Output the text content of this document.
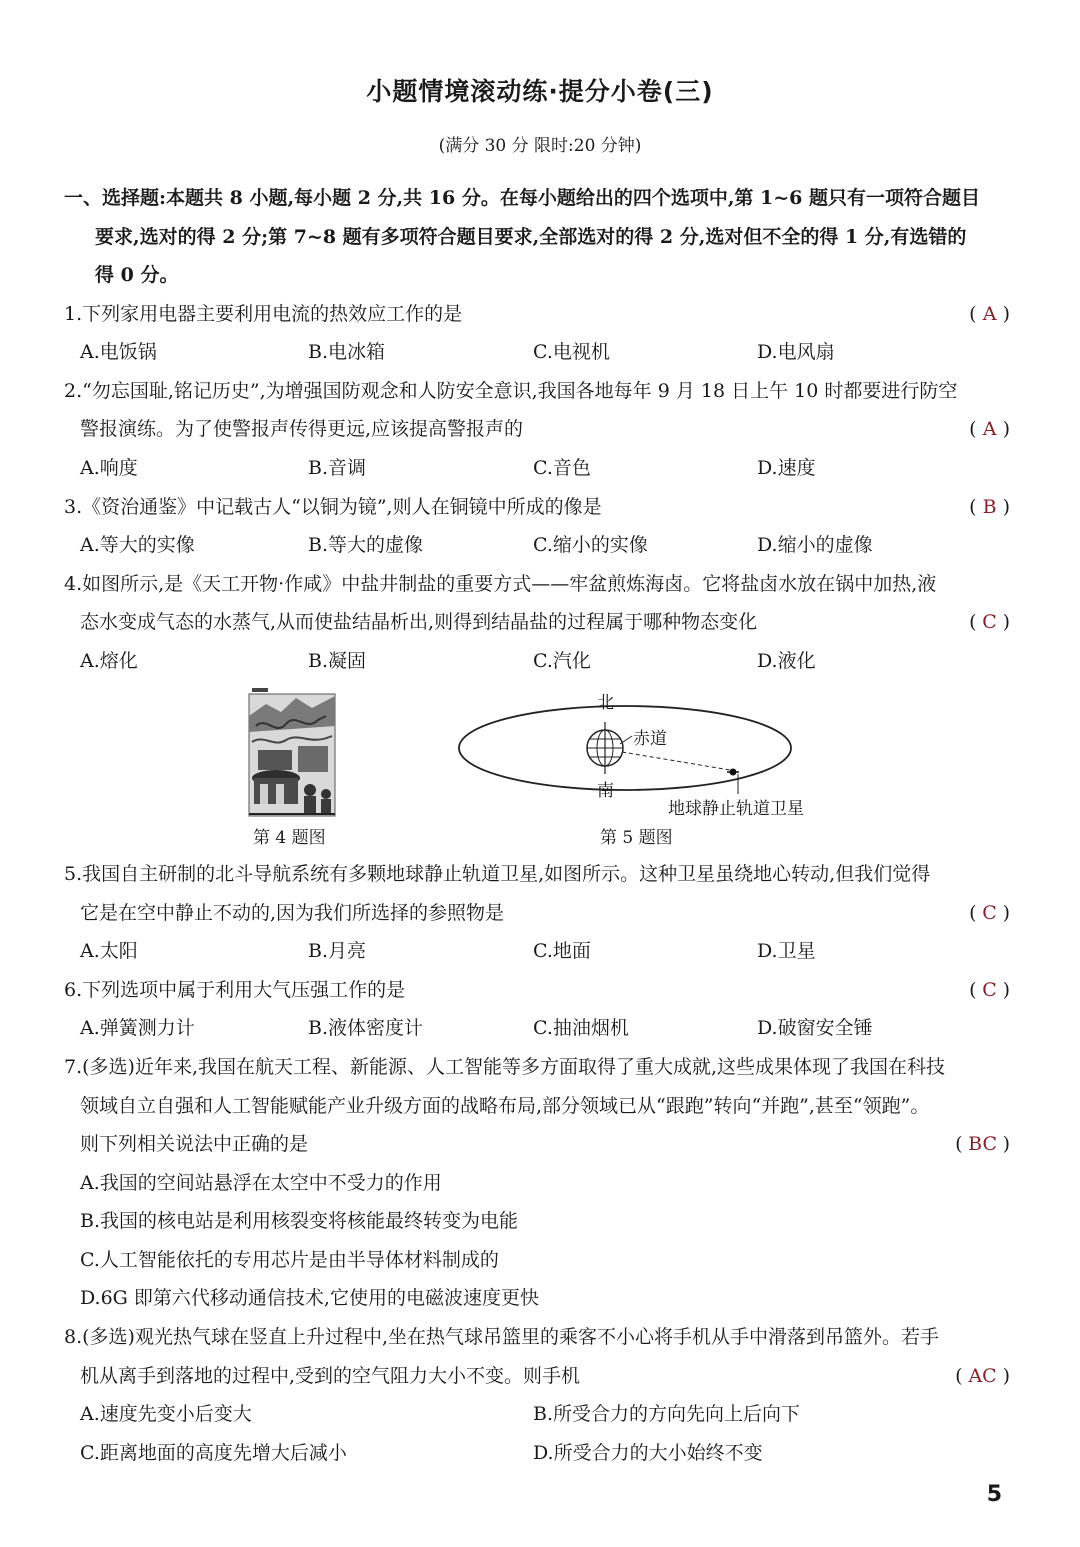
小题情境滚动练·提分小卷(三)
(满分 30 分 限时:20 分钟)
一、选择题:本题共 8 小题,每小题 2 分,共 16 分。在每小题给出的四个选项中,第 1~6 题只有一项符合题目
要求,选对的得 2 分;第 7~8 题有多项符合题目要求,全部选对的得 2 分,选对但不全的得 1 分,有选错的
得 0 分。
1.下列家用电器主要利用电流的热效应工作的是	( A )
A.电饭锅	B.电冰箱	C.电视机	D.电风扇
2.“勿忘国耻,铭记历史”,为增强国防观念和人防安全意识,我国各地每年 9 月 18 日上午 10 时都要进行防空
警报演练。为了使警报声传得更远,应该提高警报声的	( A )
A.响度	B.音调	C.音色	D.速度
3.《资治通鉴》中记载古人“以铜为镜”,则人在铜镜中所成的像是	( B )
A.等大的实像	B.等大的虚像	C.缩小的实像	D.缩小的虚像
4.如图所示,是《天工开物·作咸》中盐井制盐的重要方式——牢盆煎炼海卤。它将盐卤水放在锅中加热,液
态水变成气态的水蒸气,从而使盐结晶析出,则得到结晶盐的过程属于哪种物态变化	( C )
A.熔化	B.凝固	C.汽化	D.液化
第 4 题图
北
赤道
南
地球静止轨道卫星
第 5 题图
5.我国自主研制的北斗导航系统有多颗地球静止轨道卫星,如图所示。这种卫星虽绕地心转动,但我们觉得
它是在空中静止不动的,因为我们所选择的参照物是	( C )
A.太阳	B.月亮	C.地面	D.卫星
6.下列选项中属于利用大气压强工作的是	( C )
A.弹簧测力计	B.液体密度计	C.抽油烟机	D.破窗安全锤
7.(多选)近年来,我国在航天工程、新能源、人工智能等多方面取得了重大成就,这些成果体现了我国在科技
领域自立自强和人工智能赋能产业升级方面的战略布局,部分领域已从“跟跑”转向“并跑”,甚至“领跑”。
则下列相关说法中正确的是	( BC )
A.我国的空间站悬浮在太空中不受力的作用
B.我国的核电站是利用核裂变将核能最终转变为电能
C.人工智能依托的专用芯片是由半导体材料制成的
D.6G 即第六代移动通信技术,它使用的电磁波速度更快
8.(多选)观光热气球在竖直上升过程中,坐在热气球吊篮里的乘客不小心将手机从手中滑落到吊篮外。若手
机从离手到落地的过程中,受到的空气阻力大小不变。则手机	( AC )
A.速度先变小后变大	B.所受合力的方向先向上后向下
C.距离地面的高度先增大后减小	D.所受合力的大小始终不变
5
